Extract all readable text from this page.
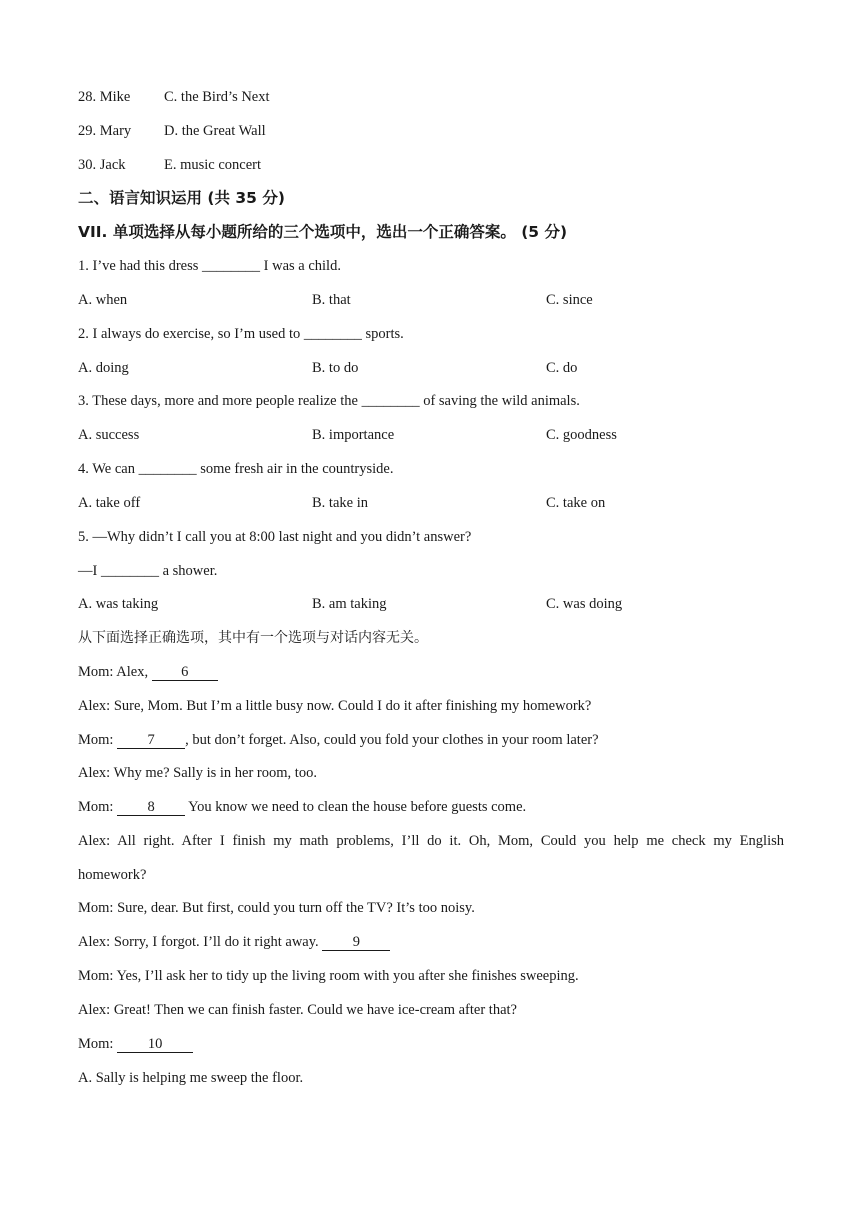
28. Mike C. the Bird’s Next
29. Mary D. the Great Wall
30. Jack	E. music concert
二、语言知识运用 (共 35 分)
VII. 单项选择从每小题所给的三个选项中，选出一个正确答案。 (5 分)
1. I’ve had this dress ________ I was a child.
A. when	B. that	C. since
2. I always do exercise, so I’m used to ________ sports.
A. doing	B. to do	C. do
3. These days, more and more people realize the ________ of saving the wild animals.
A. success	B. importance	C. goodness
4. We can ________ some fresh air in the countryside.
A. take off	B. take in	C. take on
5. —Why didn’t I call you at 8:00 last night and you didn’t answer?
—I ________ a shower.
A. was taking	B. am taking	C. was doing
从下面选择正确选项，其中有一个选项与对话内容无关。
Mom: Alex, 6
Alex: Sure, Mom. But I’m a little busy now. Could I do it after finishing my homework?
Mom: 7 , but don’t forget. Also, could you fold your clothes in your room later?
Alex: Why me? Sally is in her room, too.
Mom: 8 You know we need to clean the house before guests come.
Alex: All right. After I finish my math problems, I’ll do it. Oh, Mom, Could you help me check my English
homework?
Mom: Sure, dear. But first, could you turn off the TV? It’s too noisy.
Alex: Sorry, I forgot. I’ll do it right away. 9
Mom: Yes, I’ll ask her to tidy up the living room with you after she finishes sweeping.
Alex: Great! Then we can finish faster. Could we have ice-cream after that?
Mom: 10
A. Sally is helping me sweep the floor.
